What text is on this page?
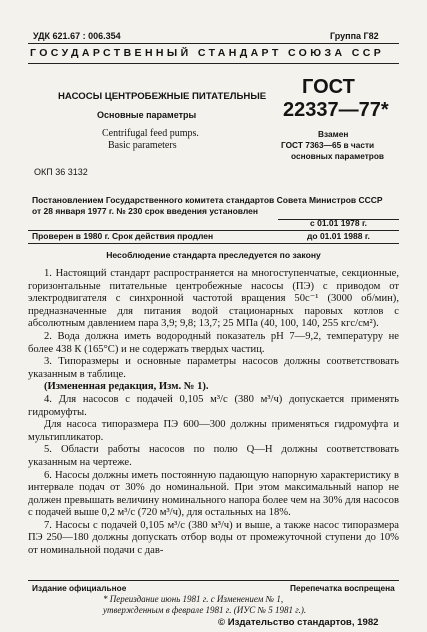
УДК 621.67 : 006.354	Группа Г82
ГОСУДАРСТВЕННЫЙ СТАНДАРТ СОЮЗА ССР
НАСОСЫ ЦЕНТРОБЕЖНЫЕ ПИТАТЕЛЬНЫЕ
Основные параметры
Centrifugal feed pumps.
Basic parameters
ОКП 36 3132
ГОСТ
22337—77*
Взамен
ГОСТ 7363—65 в части
основных параметров
Постановлением Государственного комитета стандартов Совета Министров СССР
от 28 января 1977 г. № 230 срок введения установлен
с 01.01 1978 г.
Проверен в 1980 г. Срок действия продлен	до 01.01 1988 г.
Несоблюдение стандарта преследуется по закону

1. Настоящий стандарт распространяется на многоступенчатые, секционные, горизонтальные питательные центробежные насосы (ПЭ) с приводом от электродвигателя с синхронной частотой вращения 50с⁻¹ (3000 об/мин), предназначенные для питания водой стационарных паровых котлов с абсолютным давлением пара 3,9; 9,8; 13,7; 25 МПа (40, 100, 140, 255 кгс/см²).

2. Вода должна иметь водородный показатель pH 7—9,2, температуру не более 438 К (165°С) и не содержать твердых частиц.

3. Типоразмеры и основные параметры насосов должны соответствовать указанным в таблице.

(Измененная редакция, Изм. № 1).

4. Для насосов с подачей 0,105 м³/с (380 м³/ч) допускается применять гидромуфты.

Для насоса типоразмера ПЭ 600—300 должны применяться гидромуфта и мультипликатор.

5. Области работы насосов по полю Q—H должны соответствовать указанным на чертеже.

6. Насосы должны иметь постоянную падающую напорную характеристику в интервале подач от 30% до номинальной. При этом максимальный напор не должен превышать величину номинального напора более чем на 30% для насосов с подачей выше 0,2 м³/с (720 м³/ч), для остальных на 18%.

7. Насосы с подачей 0,105 м³/с (380 м³/ч) и выше, а также насос типоразмера ПЭ 250—180 должны допускать отбор воды от промежуточной ступени до 10% от номинальной подачи с дав-

Издание официальное	Перепечатка воспрещена
* Переиздание июнь 1981 г. с Изменением № 1,
утвержденным в феврале 1981 г. (ИУС № 5 1981 г.).
© Издательство стандартов, 1982
